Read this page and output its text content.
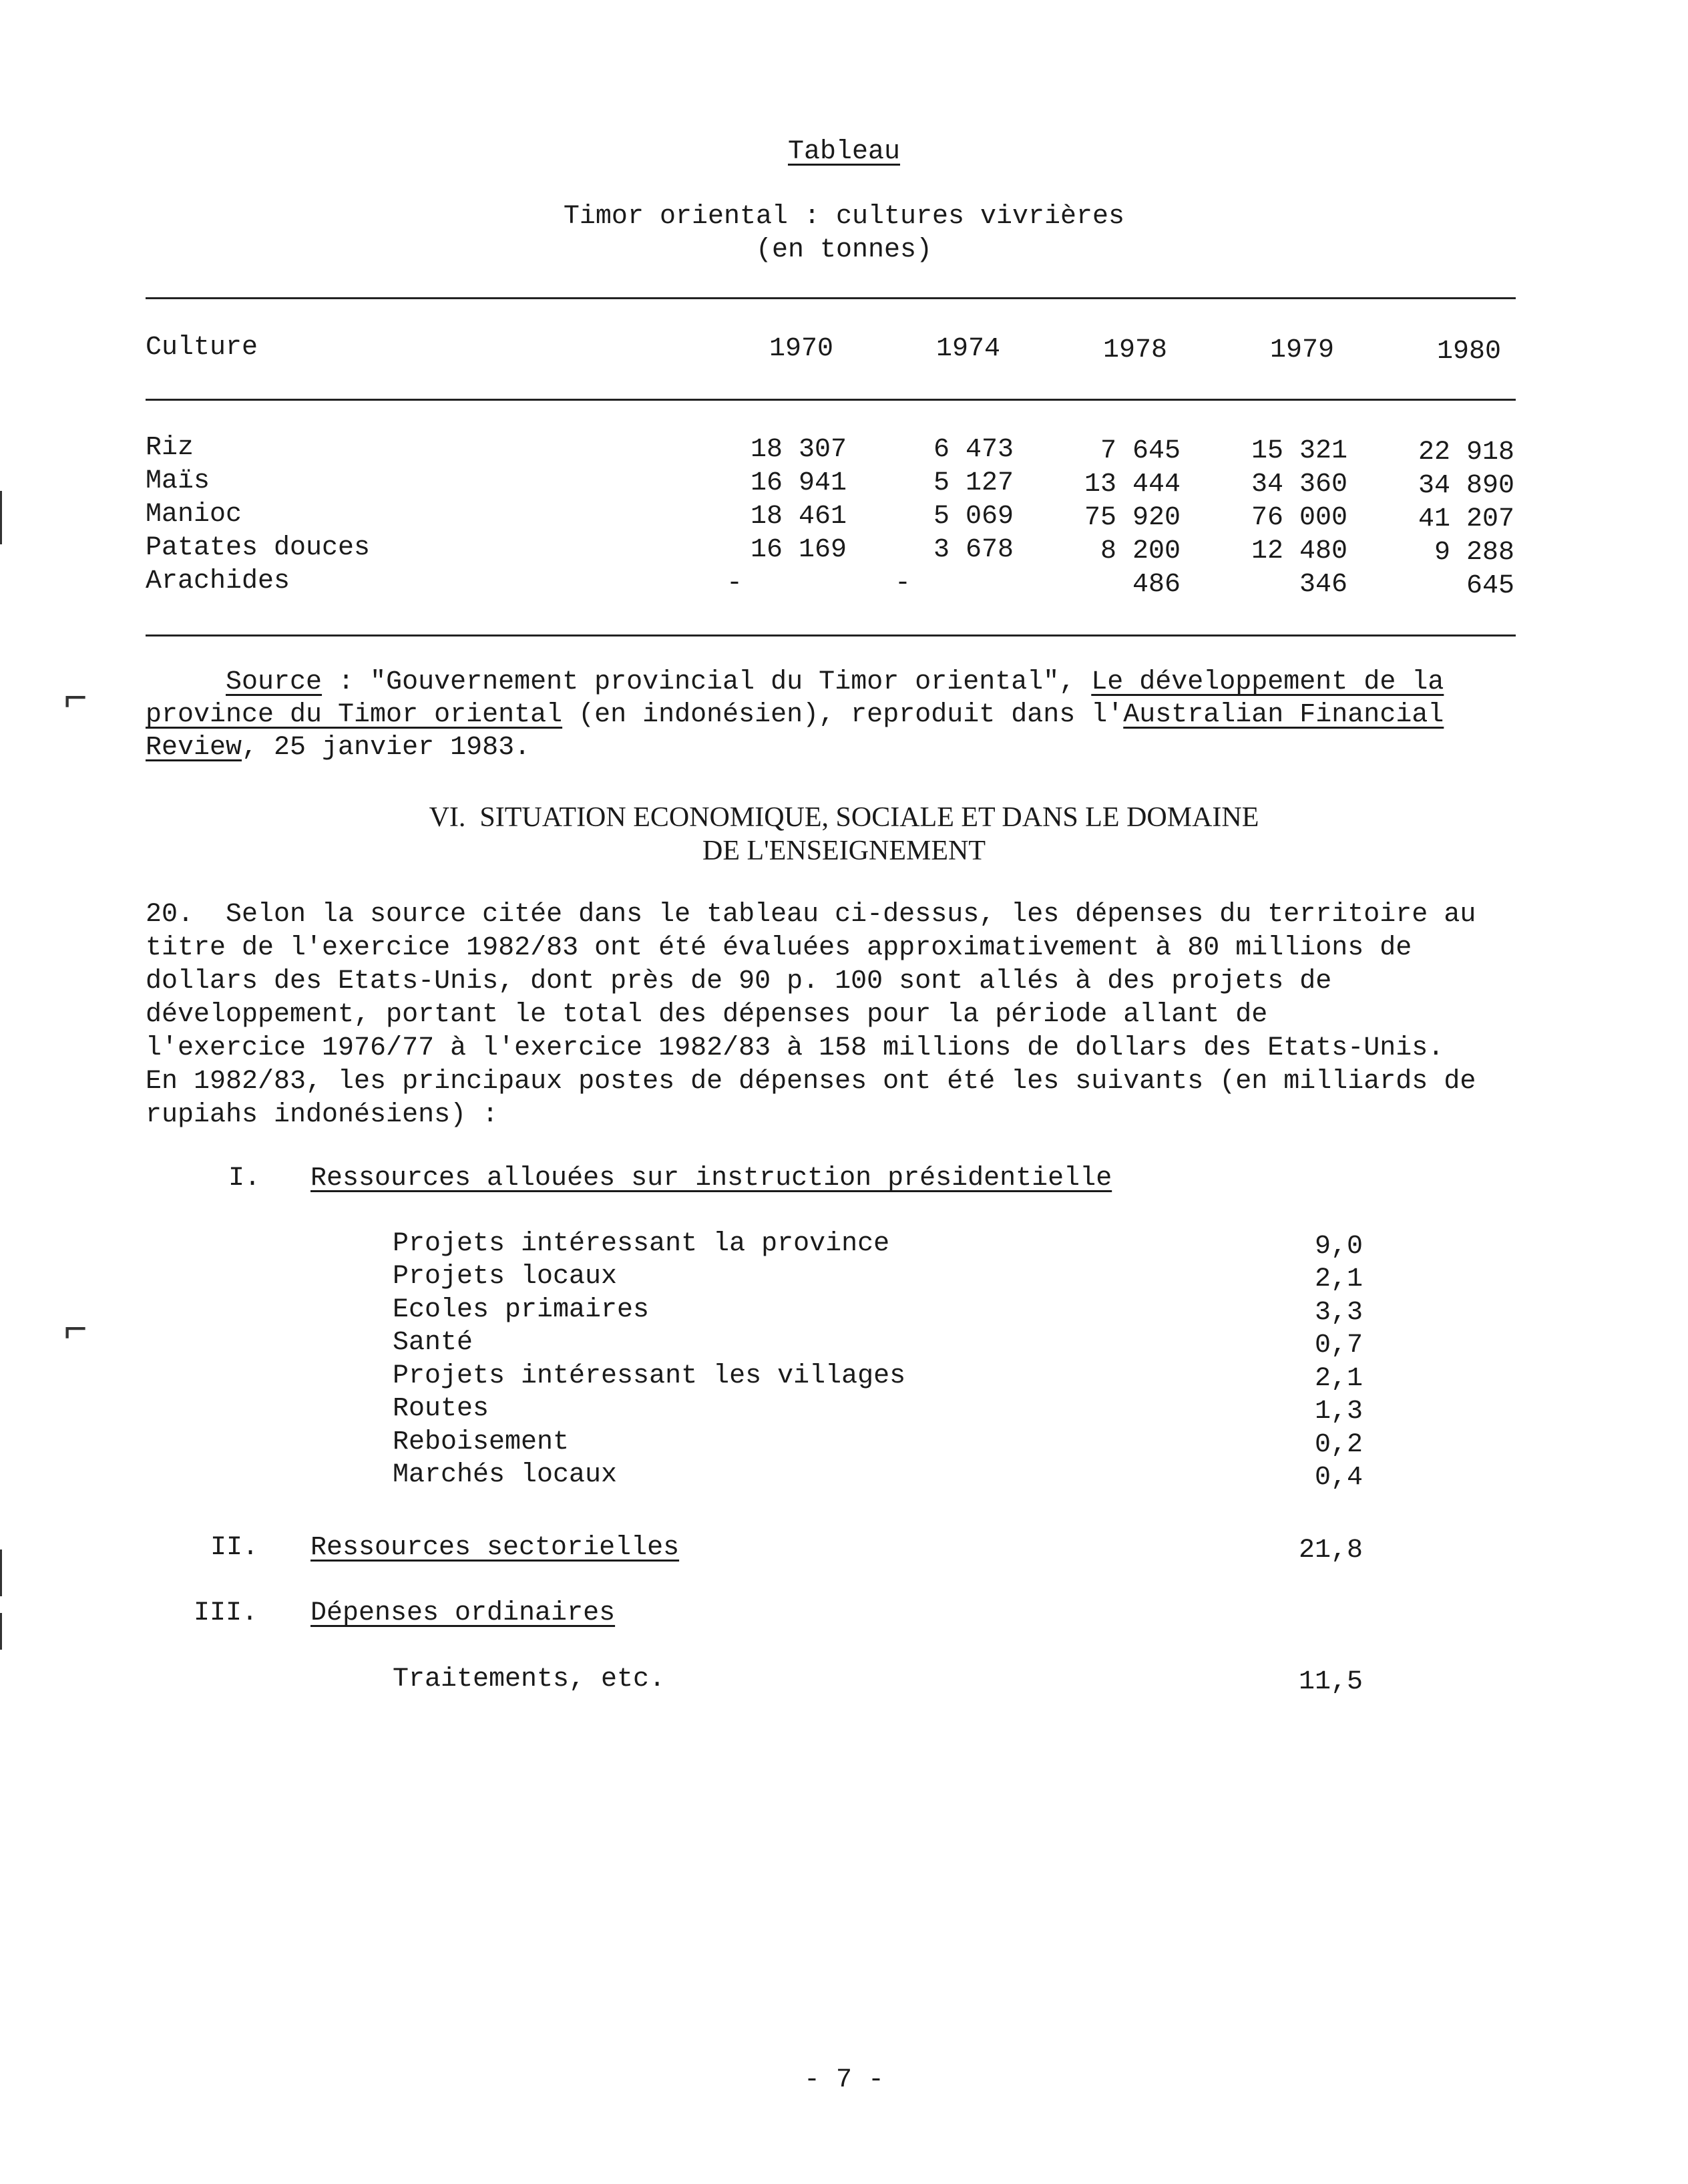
Tableau
Timor oriental : cultures vivrières
(en tonnes)
Culture	1970	1974	1978	1979	1980
Riz	18 307	6 473	7 645	15 321	22 918
Maïs	16 941	5 127	13 444	34 360	34 890
Manioc	18 461	5 069	75 920	76 000	41 207
Patates douces	16 169	3 678	8 200	12 480	9 288
Arachides	-	-	486	346	645
Source : "Gouvernement provincial du Timor oriental", Le développement de la
province du Timor oriental (en indonésien), reproduit dans l'Australian Financial
Review, 25 janvier 1983.
VI.  SITUATION ECONOMIQUE, SOCIALE ET DANS LE DOMAINE
DE L'ENSEIGNEMENT
20.  Selon la source citée dans le tableau ci-dessus, les dépenses du territoire au
titre de l'exercice 1982/83 ont été évaluées approximativement à 80 millions de
dollars des Etats-Unis, dont près de 90 p. 100 sont allés à des projets de
développement, portant le total des dépenses pour la période allant de
l'exercice 1976/77 à l'exercice 1982/83 à 158 millions de dollars des Etats-Unis.
En 1982/83, les principaux postes de dépenses ont été les suivants (en milliards de
rupiahs indonésiens) :
I. Ressources allouées sur instruction présidentielle
Projets intéressant la province	9,0
Projets locaux	2,1
Ecoles primaires	3,3
Santé	0,7
Projets intéressant les villages	2,1
Routes	1,3
Reboisement	0,2
Marchés locaux	0,4
II. Ressources sectorielles	21,8
III. Dépenses ordinaires
Traitements, etc.	11,5
- 7 -
⌐
⌐
